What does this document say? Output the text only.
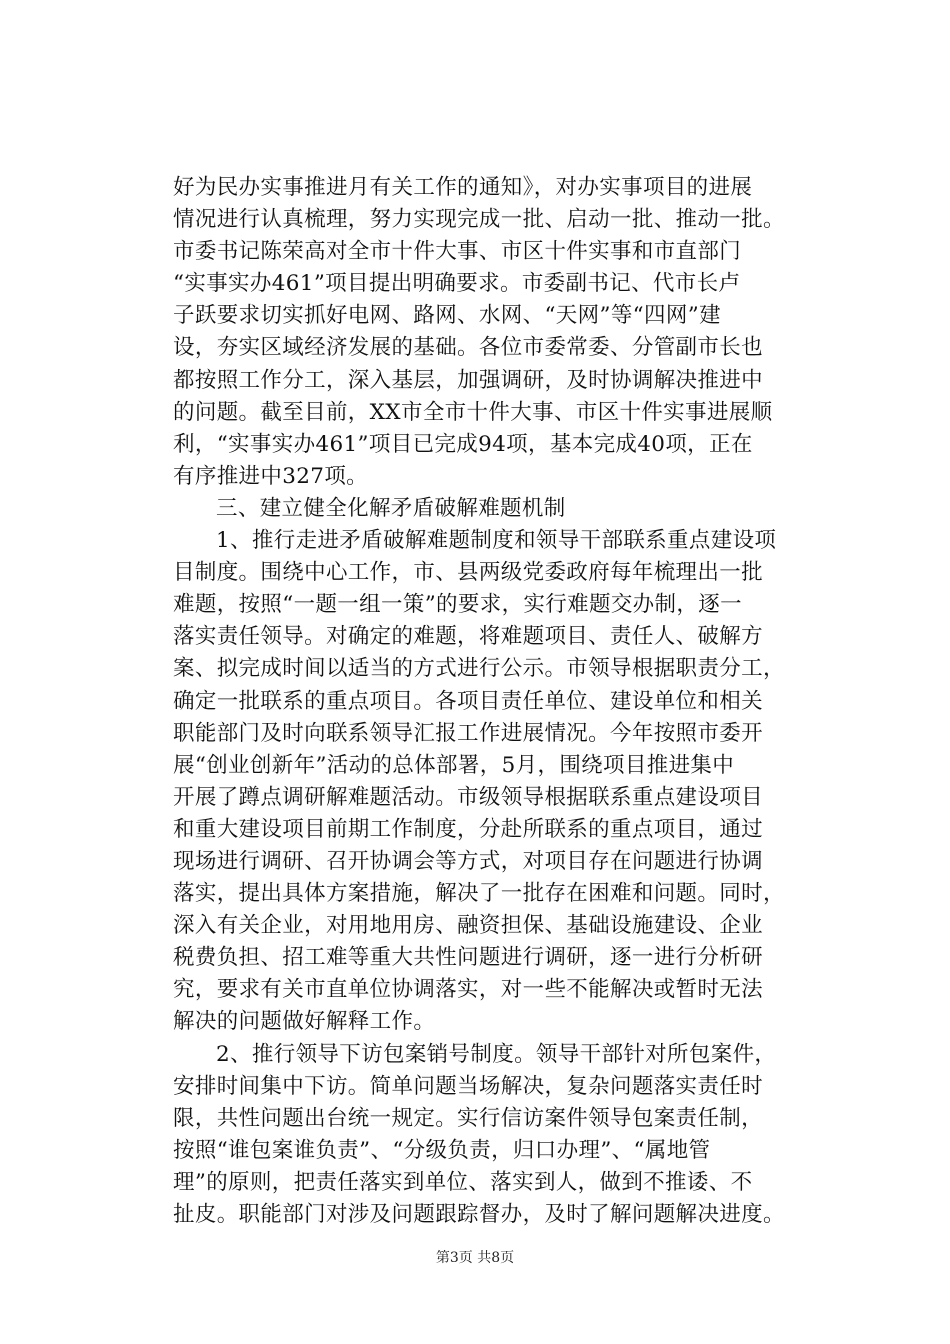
好为民办实事推进月有关工作的通知》，对办实事项目的进展
情况进行认真梳理，努力实现完成一批、启动一批、推动一批。
市委书记陈荣高对全市十件大事、市区十件实事和市直部门
“实事实办461”项目提出明确要求。市委副书记、代市长卢
子跃要求切实抓好电网、路网、水网、“天网”等“四网”建
设，夯实区域经济发展的基础。各位市委常委、分管副市长也
都按照工作分工，深入基层，加强调研，及时协调解决推进中
的问题。截至目前，XX市全市十件大事、市区十件实事进展顺
利，“实事实办461”项目已完成94项，基本完成40项，正在
有序推进中327项。
三、建立健全化解矛盾破解难题机制
1、推行走进矛盾破解难题制度和领导干部联系重点建设项
目制度。围绕中心工作，市、县两级党委政府每年梳理出一批
难题，按照“一题一组一策”的要求，实行难题交办制，逐一
落实责任领导。对确定的难题，将难题项目、责任人、破解方
案、拟完成时间以适当的方式进行公示。市领导根据职责分工，
确定一批联系的重点项目。各项目责任单位、建设单位和相关
职能部门及时向联系领导汇报工作进展情况。今年按照市委开
展“创业创新年”活动的总体部署，5月，围绕项目推进集中
开展了蹲点调研解难题活动。市级领导根据联系重点建设项目
和重大建设项目前期工作制度，分赴所联系的重点项目，通过
现场进行调研、召开协调会等方式，对项目存在问题进行协调
落实，提出具体方案措施，解决了一批存在困难和问题。同时，
深入有关企业，对用地用房、融资担保、基础设施建设、企业
税费负担、招工难等重大共性问题进行调研，逐一进行分析研
究，要求有关市直单位协调落实，对一些不能解决或暂时无法
解决的问题做好解释工作。
2、推行领导下访包案销号制度。领导干部针对所包案件，
安排时间集中下访。简单问题当场解决，复杂问题落实责任时
限，共性问题出台统一规定。实行信访案件领导包案责任制，
按照“谁包案谁负责”、“分级负责，归口办理”、“属地管
理”的原则，把责任落实到单位、落实到人，做到不推诿、不
扯皮。职能部门对涉及问题跟踪督办，及时了解问题解决进度。
第3页 共8页
